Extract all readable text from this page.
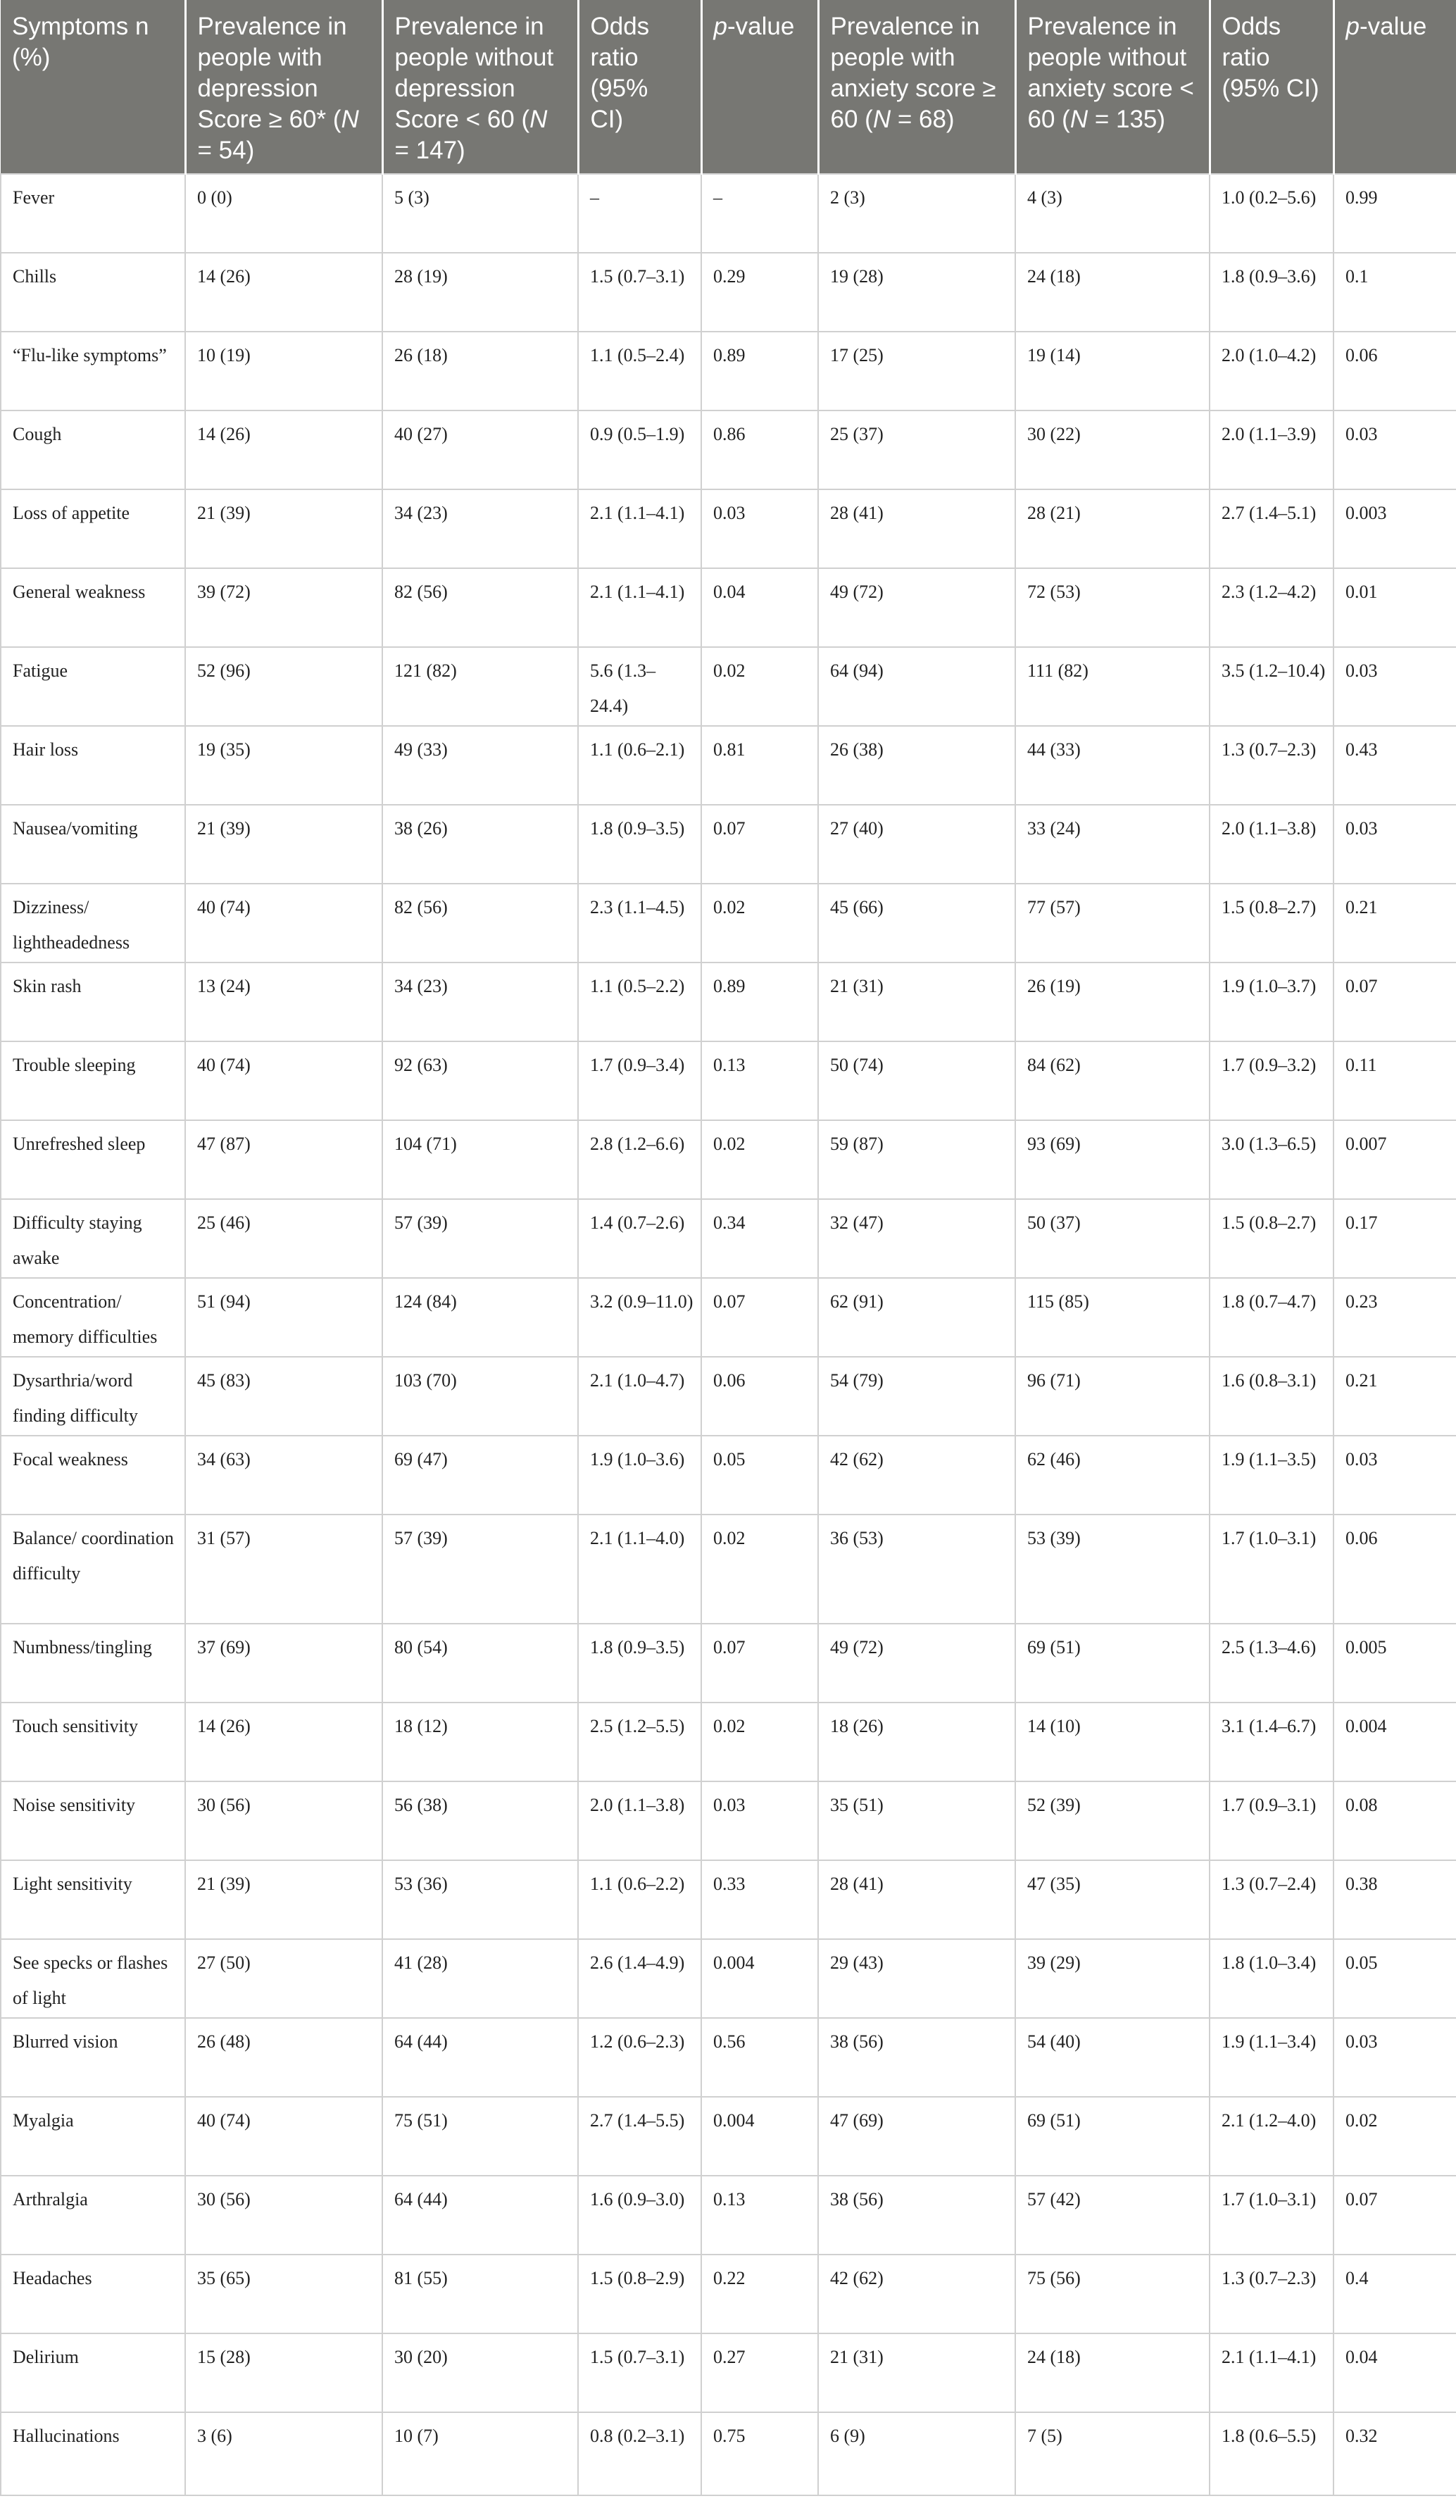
Symptoms n (%)	Prevalence in people with depression Score ≥ 60* (N = 54)	Prevalence in people without depression Score < 60 (N = 147)	Odds ratio (95% CI)	p-value	Prevalence in people with anxiety score ≥ 60 (N = 68)	Prevalence in people without anxiety score < 60 (N = 135)	Odds ratio (95% CI)	p-value
Fever	0 (0)	5 (3)	–	–	2 (3)	4 (3)	1.0 (0.2–5.6)	0.99
Chills	14 (26)	28 (19)	1.5 (0.7–3.1)	0.29	19 (28)	24 (18)	1.8 (0.9–3.6)	0.1
“Flu-like symptoms”	10 (19)	26 (18)	1.1 (0.5–2.4)	0.89	17 (25)	19 (14)	2.0 (1.0–4.2)	0.06
Cough	14 (26)	40 (27)	0.9 (0.5–1.9)	0.86	25 (37)	30 (22)	2.0 (1.1–3.9)	0.03
Loss of appetite	21 (39)	34 (23)	2.1 (1.1–4.1)	0.03	28 (41)	28 (21)	2.7 (1.4–5.1)	0.003
General weakness	39 (72)	82 (56)	2.1 (1.1–4.1)	0.04	49 (72)	72 (53)	2.3 (1.2–4.2)	0.01
Fatigue	52 (96)	121 (82)	5.6 (1.3–24.4)	0.02	64 (94)	111 (82)	3.5 (1.2–10.4)	0.03
Hair loss	19 (35)	49 (33)	1.1 (0.6–2.1)	0.81	26 (38)	44 (33)	1.3 (0.7–2.3)	0.43
Nausea/vomiting	21 (39)	38 (26)	1.8 (0.9–3.5)	0.07	27 (40)	33 (24)	2.0 (1.1–3.8)	0.03
Dizziness/ lightheadedness	40 (74)	82 (56)	2.3 (1.1–4.5)	0.02	45 (66)	77 (57)	1.5 (0.8–2.7)	0.21
Skin rash	13 (24)	34 (23)	1.1 (0.5–2.2)	0.89	21 (31)	26 (19)	1.9 (1.0–3.7)	0.07
Trouble sleeping	40 (74)	92 (63)	1.7 (0.9–3.4)	0.13	50 (74)	84 (62)	1.7 (0.9–3.2)	0.11
Unrefreshed sleep	47 (87)	104 (71)	2.8 (1.2–6.6)	0.02	59 (87)	93 (69)	3.0 (1.3–6.5)	0.007
Difficulty staying awake	25 (46)	57 (39)	1.4 (0.7–2.6)	0.34	32 (47)	50 (37)	1.5 (0.8–2.7)	0.17
Concentration/ memory difficulties	51 (94)	124 (84)	3.2 (0.9–11.0)	0.07	62 (91)	115 (85)	1.8 (0.7–4.7)	0.23
Dysarthria/word finding difficulty	45 (83)	103 (70)	2.1 (1.0–4.7)	0.06	54 (79)	96 (71)	1.6 (0.8–3.1)	0.21
Focal weakness	34 (63)	69 (47)	1.9 (1.0–3.6)	0.05	42 (62)	62 (46)	1.9 (1.1–3.5)	0.03
Balance/ coordination difficulty	31 (57)	57 (39)	2.1 (1.1–4.0)	0.02	36 (53)	53 (39)	1.7 (1.0–3.1)	0.06
Numbness/tingling	37 (69)	80 (54)	1.8 (0.9–3.5)	0.07	49 (72)	69 (51)	2.5 (1.3–4.6)	0.005
Touch sensitivity	14 (26)	18 (12)	2.5 (1.2–5.5)	0.02	18 (26)	14 (10)	3.1 (1.4–6.7)	0.004
Noise sensitivity	30 (56)	56 (38)	2.0 (1.1–3.8)	0.03	35 (51)	52 (39)	1.7 (0.9–3.1)	0.08
Light sensitivity	21 (39)	53 (36)	1.1 (0.6–2.2)	0.33	28 (41)	47 (35)	1.3 (0.7–2.4)	0.38
See specks or flashes of light	27 (50)	41 (28)	2.6 (1.4–4.9)	0.004	29 (43)	39 (29)	1.8 (1.0–3.4)	0.05
Blurred vision	26 (48)	64 (44)	1.2 (0.6–2.3)	0.56	38 (56)	54 (40)	1.9 (1.1–3.4)	0.03
Myalgia	40 (74)	75 (51)	2.7 (1.4–5.5)	0.004	47 (69)	69 (51)	2.1 (1.2–4.0)	0.02
Arthralgia	30 (56)	64 (44)	1.6 (0.9–3.0)	0.13	38 (56)	57 (42)	1.7 (1.0–3.1)	0.07
Headaches	35 (65)	81 (55)	1.5 (0.8–2.9)	0.22	42 (62)	75 (56)	1.3 (0.7–2.3)	0.4
Delirium	15 (28)	30 (20)	1.5 (0.7–3.1)	0.27	21 (31)	24 (18)	2.1 (1.1–4.1)	0.04
Hallucinations	3 (6)	10 (7)	0.8 (0.2–3.1)	0.75	6 (9)	7 (5)	1.8 (0.6–5.5)	0.32
